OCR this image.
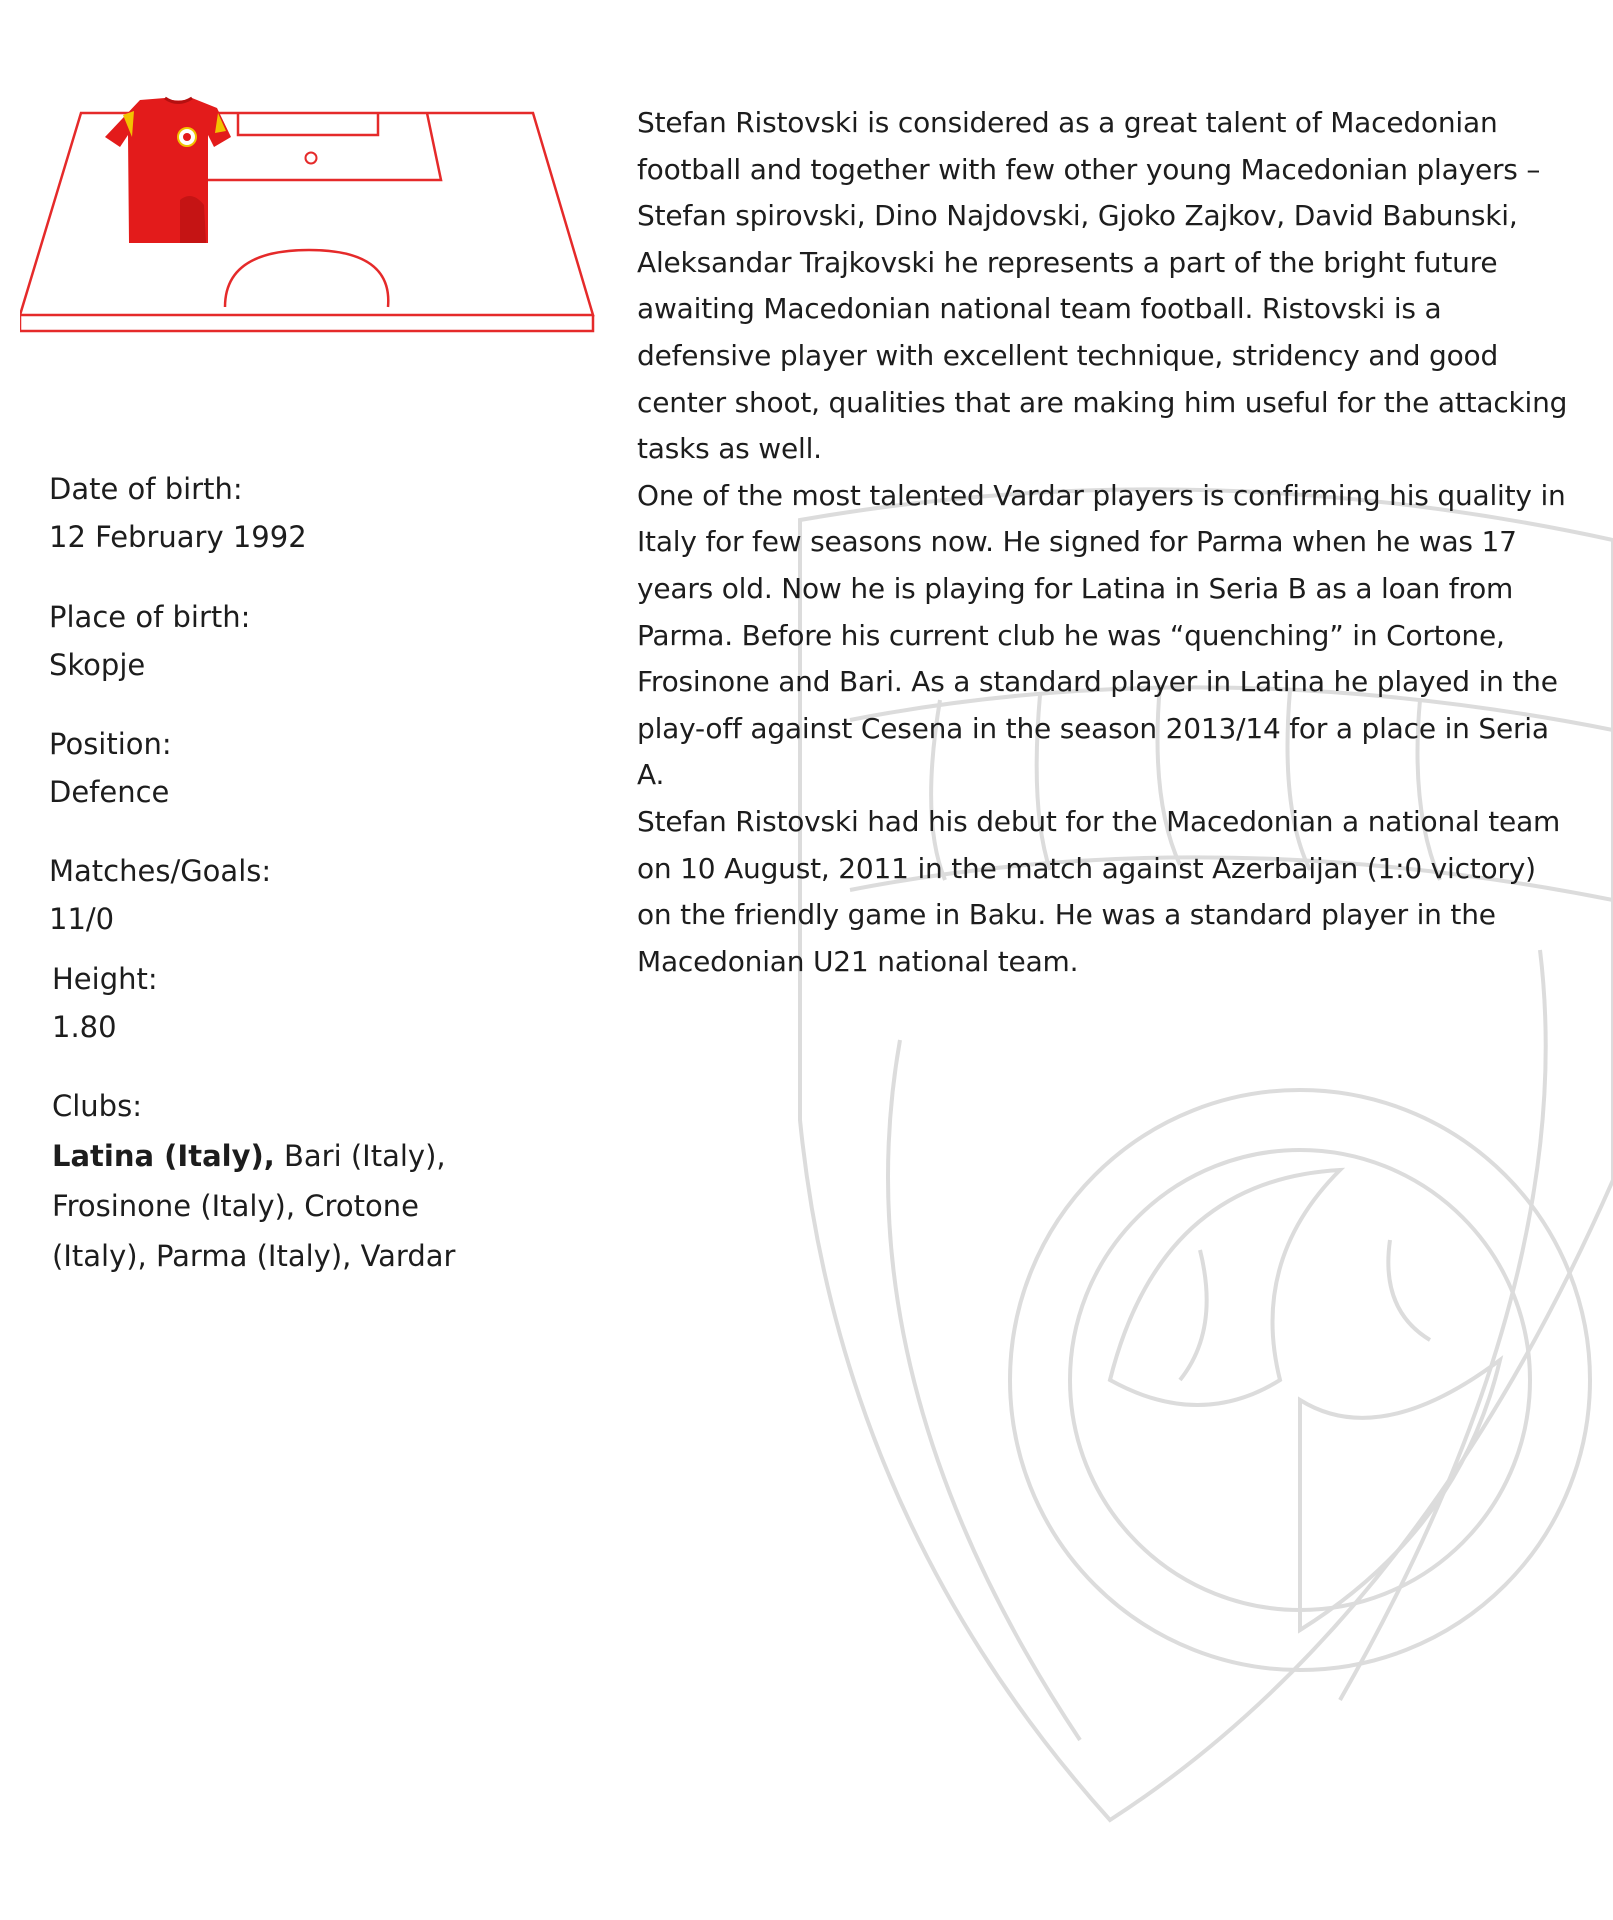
Stefan Ristovski is considered as a great talent of Macedonian football and together with few other young Macedonian players – Stefan spirovski, Dino Najdovski, Gjoko Zajkov, David Babunski, Aleksandar Trajkovski he represents a part of the bright future awaiting Macedonian national team football. Ristovski is a defensive player with excellent technique, stridency and good center shoot, qualities that are making him useful for the attacking tasks as well.

One of the most talented Vardar players is confirming his quality in Italy for few seasons now. He signed for Parma when he was 17 years old. Now he is playing for Latina in Seria B as a loan from Parma. Before his current club he was “quenching” in Cortone, Frosinone and Bari. As a standard player in Latina he played in the play-off against Cesena in the season 2013/14 for a place in Seria A.

Stefan Ristovski had his debut for the Macedonian a national team on 10 August, 2011 in the match against Azerbaijan (1:0 victory) on the friendly game in Baku. He was a standard player in the Macedonian U21 national team.

Date of birth:
12 February 1992
Place of birth:
Skopje
Position:
Defence
Matches/Goals:
11/0
Height:
1.80
Clubs:
Latina (Italy), Bari (Italy),
Frosinone (Italy), Crotone
(Italy), Parma (Italy), Vardar
